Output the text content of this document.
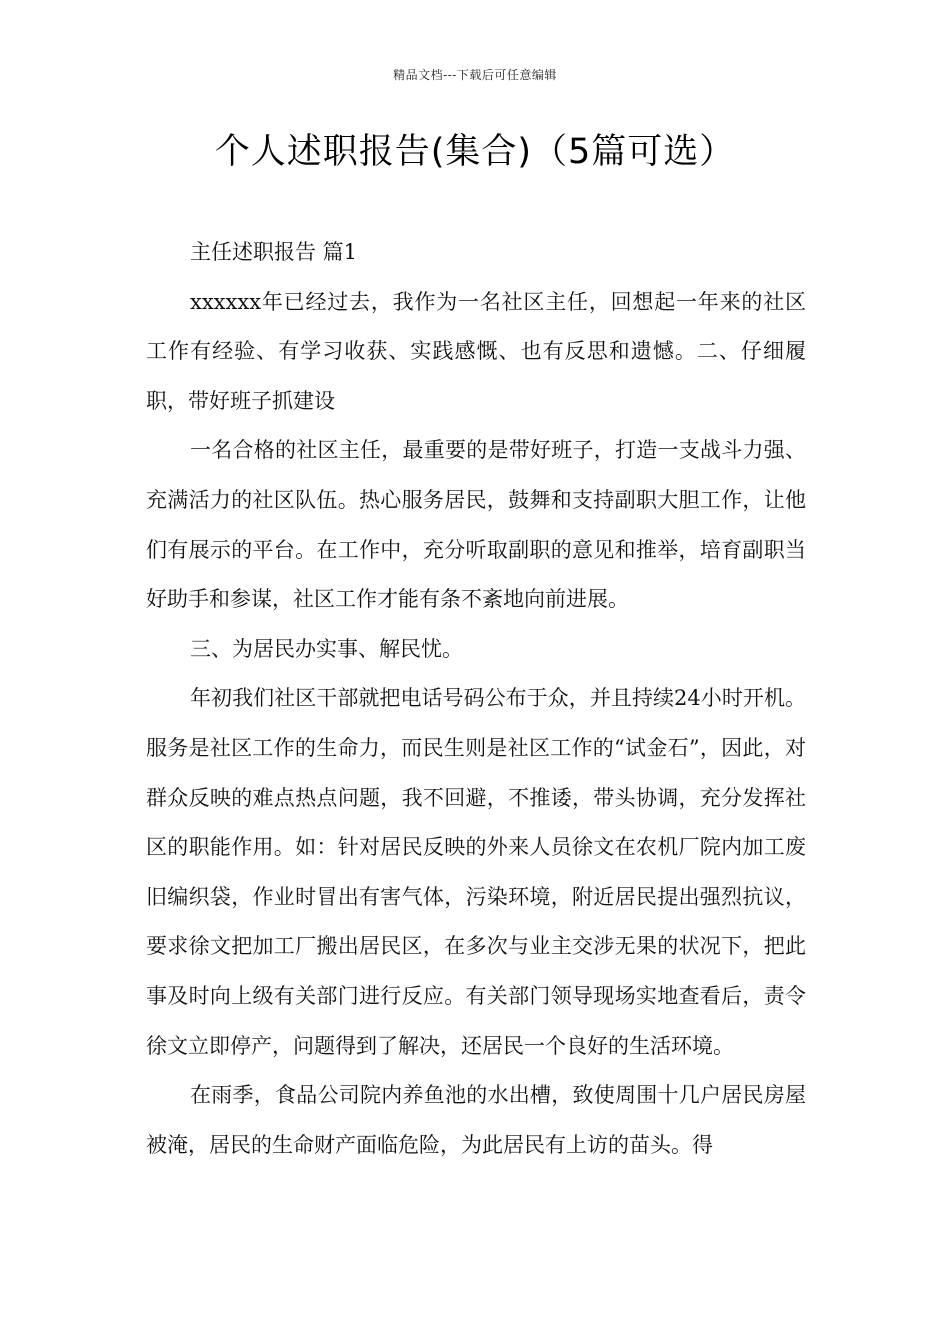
精品文档---下载后可任意编辑
个人述职报告(集合)（5篇可选）

主任述职报告 篇1

xxxxxx年已经过去，我作为一名社区主任，回想起一年来的社区工作有经验、有学习收获、实践感慨、也有反思和遗憾。二、仔细履职，带好班子抓建设

一名合格的社区主任，最重要的是带好班子，打造一支战斗力强、充满活力的社区队伍。热心服务居民，鼓舞和支持副职大胆工作，让他们有展示的平台。在工作中，充分听取副职的意见和推举，培育副职当好助手和参谋，社区工作才能有条不紊地向前进展。

三、为居民办实事、解民忧。

年初我们社区干部就把电话号码公布于众，并且持续24小时开机。服务是社区工作的生命力，而民生则是社区工作的“试金石”，因此，对群众反映的难点热点问题，我不回避，不推诿，带头协调，充分发挥社区的职能作用。如：针对居民反映的外来人员徐文在农机厂院内加工废旧编织袋，作业时冒出有害气体，污染环境，附近居民提出强烈抗议，要求徐文把加工厂搬出居民区，在多次与业主交涉无果的状况下，把此事及时向上级有关部门进行反应。有关部门领导现场实地查看后，责令徐文立即停产，问题得到了解决，还居民一个良好的生活环境。

在雨季，食品公司院内养鱼池的水出槽，致使周围十几户居民房屋被淹，居民的生命财产面临危险，为此居民有上访的苗头。得
